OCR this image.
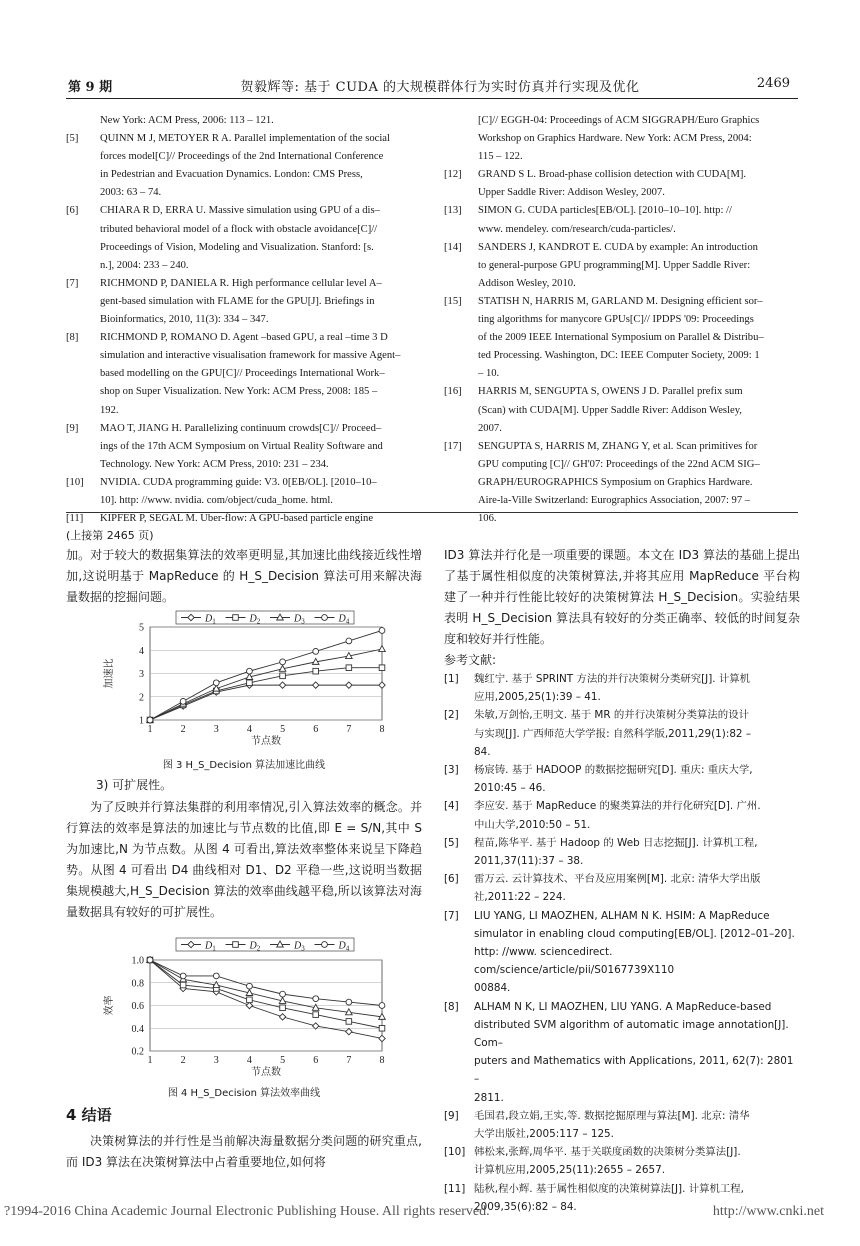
第 9 期	贺毅辉等: 基于 CUDA 的大规模群体行为实时仿真并行实现及优化	2469
New York: ACM Press, 2006: 113 – 121.
[5] QUINN M J, METOYER R A. Parallel implementation of the social
forces model[C]// Proceedings of the 2nd International Conference
in Pedestrian and Evacuation Dynamics. London: CMS Press,
2003: 63 – 74.
[6] CHIARA R D, ERRA U. Massive simulation using GPU of a dis–
tributed behavioral model of a flock with obstacle avoidance[C]//
Proceedings of Vision, Modeling and Visualization. Stanford: [s.
n.], 2004: 233 – 240.
[7] RICHMOND P, DANIELA R. High performance cellular level A–
gent-based simulation with FLAME for the GPU[J]. Briefings in
Bioinformatics, 2010, 11(3): 334 – 347.
[8] RICHMOND P, ROMANO D. Agent –based GPU, a real –time 3 D
simulation and interactive visualisation framework for massive Agent–
based modelling on the GPU[C]// Proceedings International Work–
shop on Super Visualization. New York: ACM Press, 2008: 185 –
192.
[9] MAO T, JIANG H. Parallelizing continuum crowds[C]// Proceed–
ings of the 17th ACM Symposium on Virtual Reality Software and
Technology. New York: ACM Press, 2010: 231 – 234.
[10] NVIDIA. CUDA programming guide: V3. 0[EB/OL]. [2010–10–
10]. http: //www. nvidia. com/object/cuda_home. html.
[11] KIPFER P, SEGAL M. Uber-flow: A GPU-based particle engine
[C]// EGGH-04: Proceedings of ACM SIGGRAPH/Euro Graphics
Workshop on Graphics Hardware. New York: ACM Press, 2004:
115 – 122.
[12] GRAND S L. Broad-phase collision detection with CUDA[M].
Upper Saddle River: Addison Wesley, 2007.
[13] SIMON G. CUDA particles[EB/OL]. [2010–10–10]. http: //
www. mendeley. com/research/cuda-particles/.
[14] SANDERS J, KANDROT E. CUDA by example: An introduction
to general-purpose GPU programming[M]. Upper Saddle River:
Addison Wesley, 2010.
[15] STATISH N, HARRIS M, GARLAND M. Designing efficient sor–
ting algorithms for manycore GPUs[C]// IPDPS '09: Proceedings
of the 2009 IEEE International Symposium on Parallel & Distribu–
ted Processing. Washington, DC: IEEE Computer Society, 2009: 1
– 10.
[16] HARRIS M, SENGUPTA S, OWENS J D. Parallel prefix sum
(Scan) with CUDA[M]. Upper Saddle River: Addison Wesley,
2007.
[17] SENGUPTA S, HARRIS M, ZHANG Y, et al. Scan primitives for
GPU computing [C]// GH'07: Proceedings of the 22nd ACM SIG–
GRAPH/EUROGRAPHICS Symposium on Graphics Hardware.
Aire-la-Ville Switzerland: Eurographics Association, 2007: 97 –
106.
(上接第 2465 页)
加。对于较大的数据集算法的效率更明显,其加速比曲线接近线性增加,这说明基于 MapReduce 的 H_S_Decision 算法可用来解决海量数据的挖掘问题。
1
2
3
4
5
1	2	3	4	5	6	7	8
节点数
加速比
$D_1$	$D_2$	$D_3$	$D_4$
图 3 H_S_Decision 算法加速比曲线
3) 可扩展性。
为了反映并行算法集群的利用率情况,引入算法效率的概念。并行算法的效率是算法的加速比与节点数的比值,即 E = S/N,其中 S 为加速比,N 为节点数。从图 4 可看出,算法效率整体来说呈下降趋势。从图 4 可看出 D4 曲线相对 D1、D2 平稳一些,这说明当数据集规模越大,H_S_Decision 算法的效率曲线越平稳,所以该算法对海量数据具有较好的可扩展性。
0.2
0.4
0.6
0.8
1.0
1	2	3	4	5	6	7	8
节点数
效率
$D_1$	$D_2$	$D_3$	$D_4$
图 4 H_S_Decision 算法效率曲线
4 结语
决策树算法的并行性是当前解决海量数据分类问题的研究重点,而 ID3 算法在决策树算法中占着重要地位,如何将
ID3 算法并行化是一项重要的课题。本文在 ID3 算法的基础上提出了基于属性相似度的决策树算法,并将其应用 MapReduce 平台构建了一种并行性能比较好的决策树算法 H_S_Decision。实验结果表明 H_S_Decision 算法具有较好的分类正确率、较低的时间复杂度和较好并行性能。
参考文献:
[1] 魏红宁. 基于 SPRINT 方法的并行决策树分类研究[J]. 计算机
应用,2005,25(1):39 – 41.
[2] 朱敏,万剑怡,王明文. 基于 MR 的并行决策树分类算法的设计
与实现[J]. 广西师范大学学报: 自然科学版,2011,29(1):82 –
84.
[3] 杨宸铸. 基于 HADOOP 的数据挖掘研究[D]. 重庆: 重庆大学,
2010:45 – 46.
[4] 李应安. 基于 MapReduce 的聚类算法的并行化研究[D]. 广州.
中山大学,2010:50 – 51.
[5] 程苗,陈华平. 基于 Hadoop 的 Web 日志挖掘[J]. 计算机工程,
2011,37(11):37 – 38.
[6] 雷万云. 云计算技术、平台及应用案例[M]. 北京: 清华大学出版
社,2011:22 – 224.
[7] LIU YANG, LI MAOZHEN, ALHAM N K. HSIM: A MapReduce
simulator in enabling cloud computing[EB/OL]. [2012–01–20].
http: //www. sciencedirect. com/science/article/pii/S0167739X110
00884.
[8] ALHAM N K, LI MAOZHEN, LIU YANG. A MapReduce-based
distributed SVM algorithm of automatic image annotation[J]. Com–
puters and Mathematics with Applications, 2011, 62(7): 2801 –
2811.
[9] 毛国君,段立娟,王实,等. 数据挖掘原理与算法[M]. 北京: 清华
大学出版社,2005:117 – 125.
[10] 韩松来,张辉,周华平. 基于关联度函数的决策树分类算法[J].
计算机应用,2005,25(11):2655 – 2657.
[11] 陆秋,程小辉. 基于属性相似度的决策树算法[J]. 计算机工程,
2009,35(6):82 – 84.
?1994-2016 China Academic Journal Electronic Publishing House. All rights reserved.	http://www.cnki.net
